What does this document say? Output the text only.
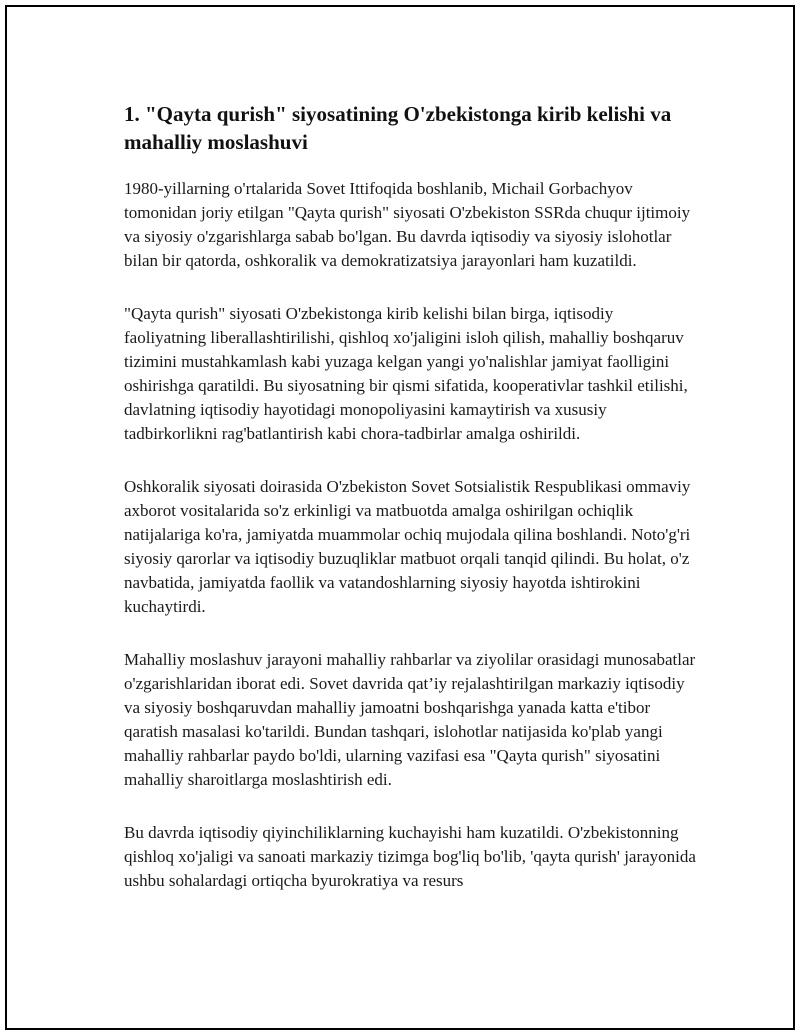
1. "Qayta qurish" siyosatining O'zbekistonga kirib kelishi va mahalliy moslashuvi

1980-yillarning o'rtalarida Sovet Ittifoqida boshlanib, Michail Gorbachyov tomonidan joriy etilgan "Qayta qurish" siyosati O'zbekiston SSRda chuqur ijtimoiy va siyosiy o'zgarishlarga sabab bo'lgan. Bu davrda iqtisodiy va siyosiy islohotlar bilan bir qatorda, oshkoralik va demokratizatsiya jarayonlari ham kuzatildi.

"Qayta qurish" siyosati O'zbekistonga kirib kelishi bilan birga, iqtisodiy faoliyatning liberallashtirilishi, qishloq xo'jaligini isloh qilish, mahalliy boshqaruv tizimini mustahkamlash kabi yuzaga kelgan yangi yo'nalishlar jamiyat faolligini oshirishga qaratildi. Bu siyosatning bir qismi sifatida, kooperativlar tashkil etilishi, davlatning iqtisodiy hayotidagi monopoliyasini kamaytirish va xususiy tadbirkorlikni rag'batlantirish kabi chora-tadbirlar amalga oshirildi.

Oshkoralik siyosati doirasida O'zbekiston Sovet Sotsialistik Respublikasi ommaviy axborot vositalarida so'z erkinligi va matbuotda amalga oshirilgan ochiqlik natijalariga ko'ra, jamiyatda muammolar ochiq mujodala qilina boshlandi. Noto'g'ri siyosiy qarorlar va iqtisodiy buzuqliklar matbuot orqali tanqid qilindi. Bu holat, o'z navbatida, jamiyatda faollik va vatandoshlarning siyosiy hayotda ishtirokini kuchaytirdi.

Mahalliy moslashuv jarayoni mahalliy rahbarlar va ziyolilar orasidagi munosabatlar o'zgarishlaridan iborat edi. Sovet davrida qat’iy rejalashtirilgan markaziy iqtisodiy va siyosiy boshqaruvdan mahalliy jamoatni boshqarishga yanada katta e'tibor qaratish masalasi ko'tarildi. Bundan tashqari, islohotlar natijasida ko'plab yangi mahalliy rahbarlar paydo bo'ldi, ularning vazifasi esa "Qayta qurish" siyosatini mahalliy sharoitlarga moslashtirish edi.

Bu davrda iqtisodiy qiyinchiliklarning kuchayishi ham kuzatildi. O'zbekistonning qishloq xo'jaligi va sanoati markaziy tizimga bog'liq bo'lib, 'qayta qurish' jarayonida ushbu sohalardagi ortiqcha byurokratiya va resurs
